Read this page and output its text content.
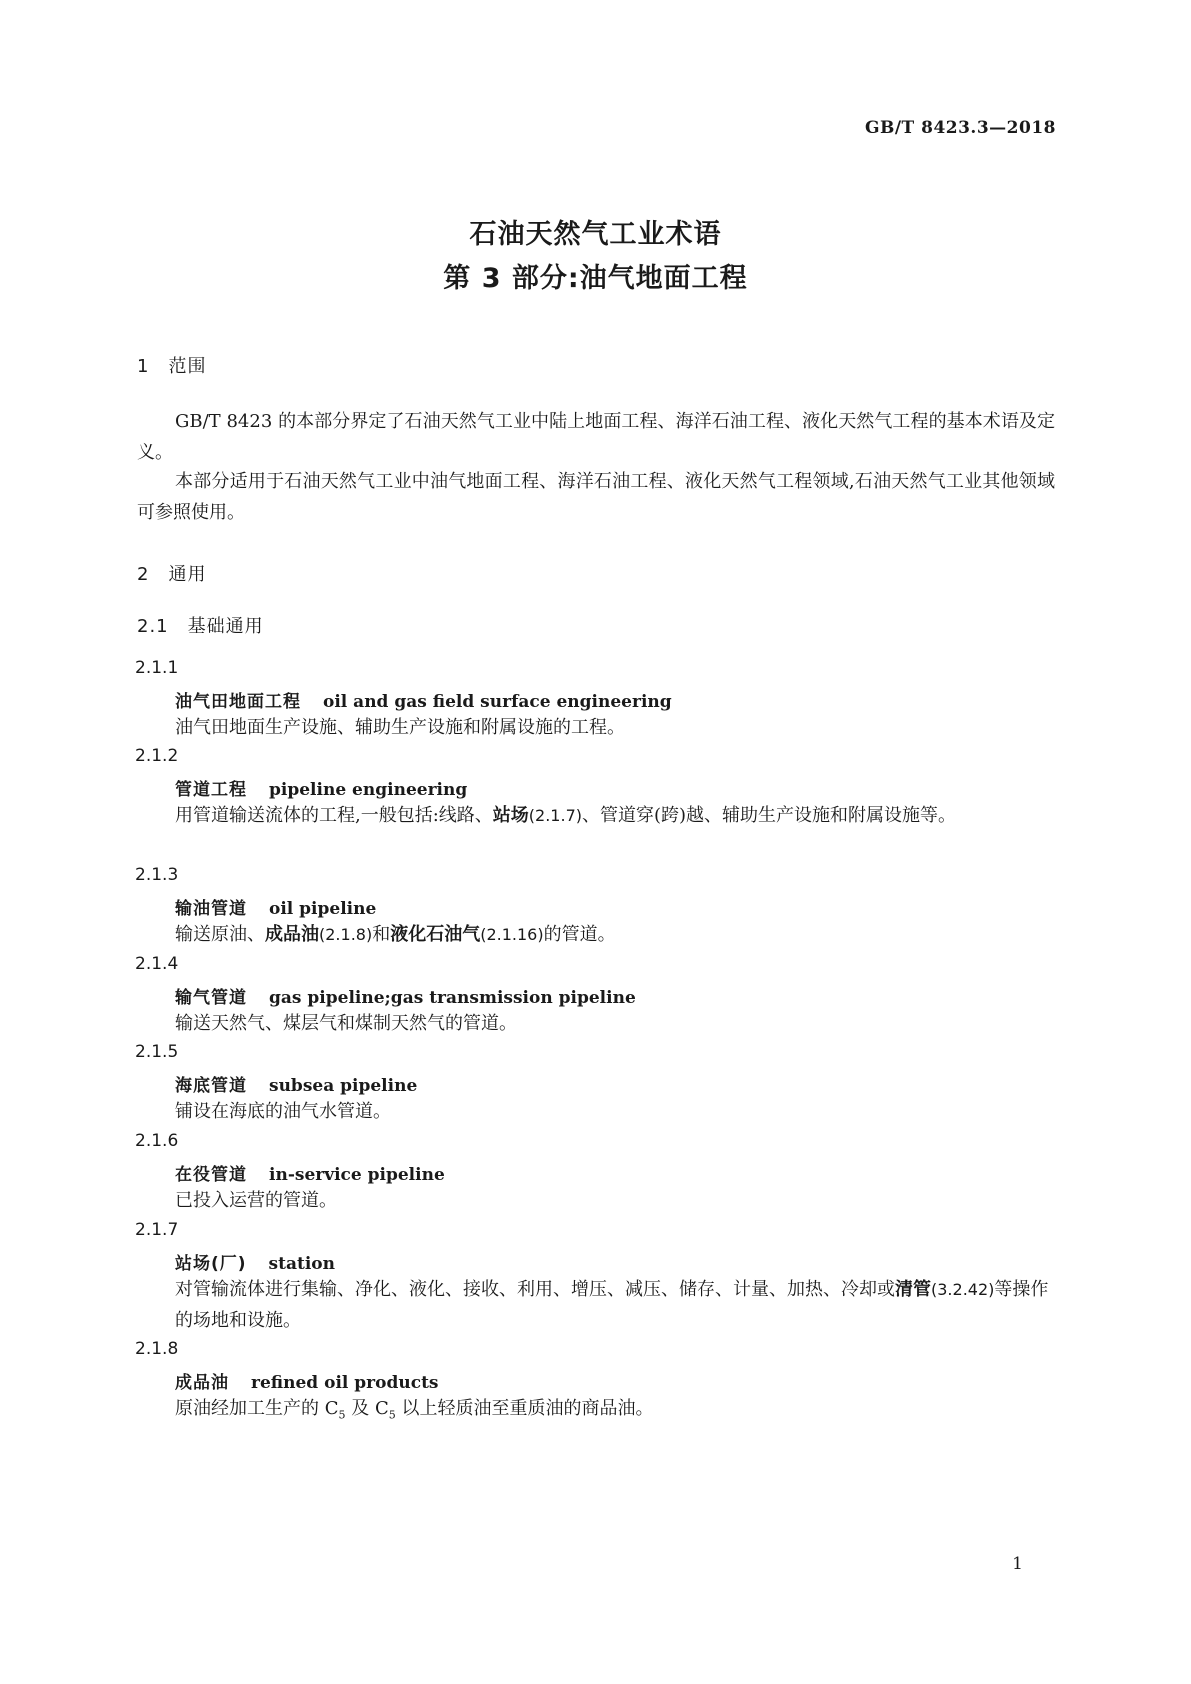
GB/T 8423.3—2018
石油天然气工业术语
第 3 部分:油气地面工程
1　范围
GB/T 8423 的本部分界定了石油天然气工业中陆上地面工程、海洋石油工程、液化天然气工程的基本术语及定义。
本部分适用于石油天然气工业中油气地面工程、海洋石油工程、液化天然气工程领域,石油天然气工业其他领域可参照使用。
2　通用
2.1　基础通用
2.1.1
油气田地面工程 oil and gas field surface engineering
油气田地面生产设施、辅助生产设施和附属设施的工程。
2.1.2
管道工程 pipeline engineering
用管道输送流体的工程,一般包括:线路、站场(2.1.7)、管道穿(跨)越、辅助生产设施和附属设施等。
2.1.3
输油管道 oil pipeline
输送原油、成品油(2.1.8)和液化石油气(2.1.16)的管道。
2.1.4
输气管道 gas pipeline;gas transmission pipeline
输送天然气、煤层气和煤制天然气的管道。
2.1.5
海底管道 subsea pipeline
铺设在海底的油气水管道。
2.1.6
在役管道 in-service pipeline
已投入运营的管道。
2.1.7
站场(厂) station
对管输流体进行集输、净化、液化、接收、利用、增压、减压、储存、计量、加热、冷却或清管(3.2.42)等操作的场地和设施。
2.1.8
成品油 refined oil products
原油经加工生产的 $C_5$ 及 $C_5$ 以上轻质油至重质油的商品油。
1
